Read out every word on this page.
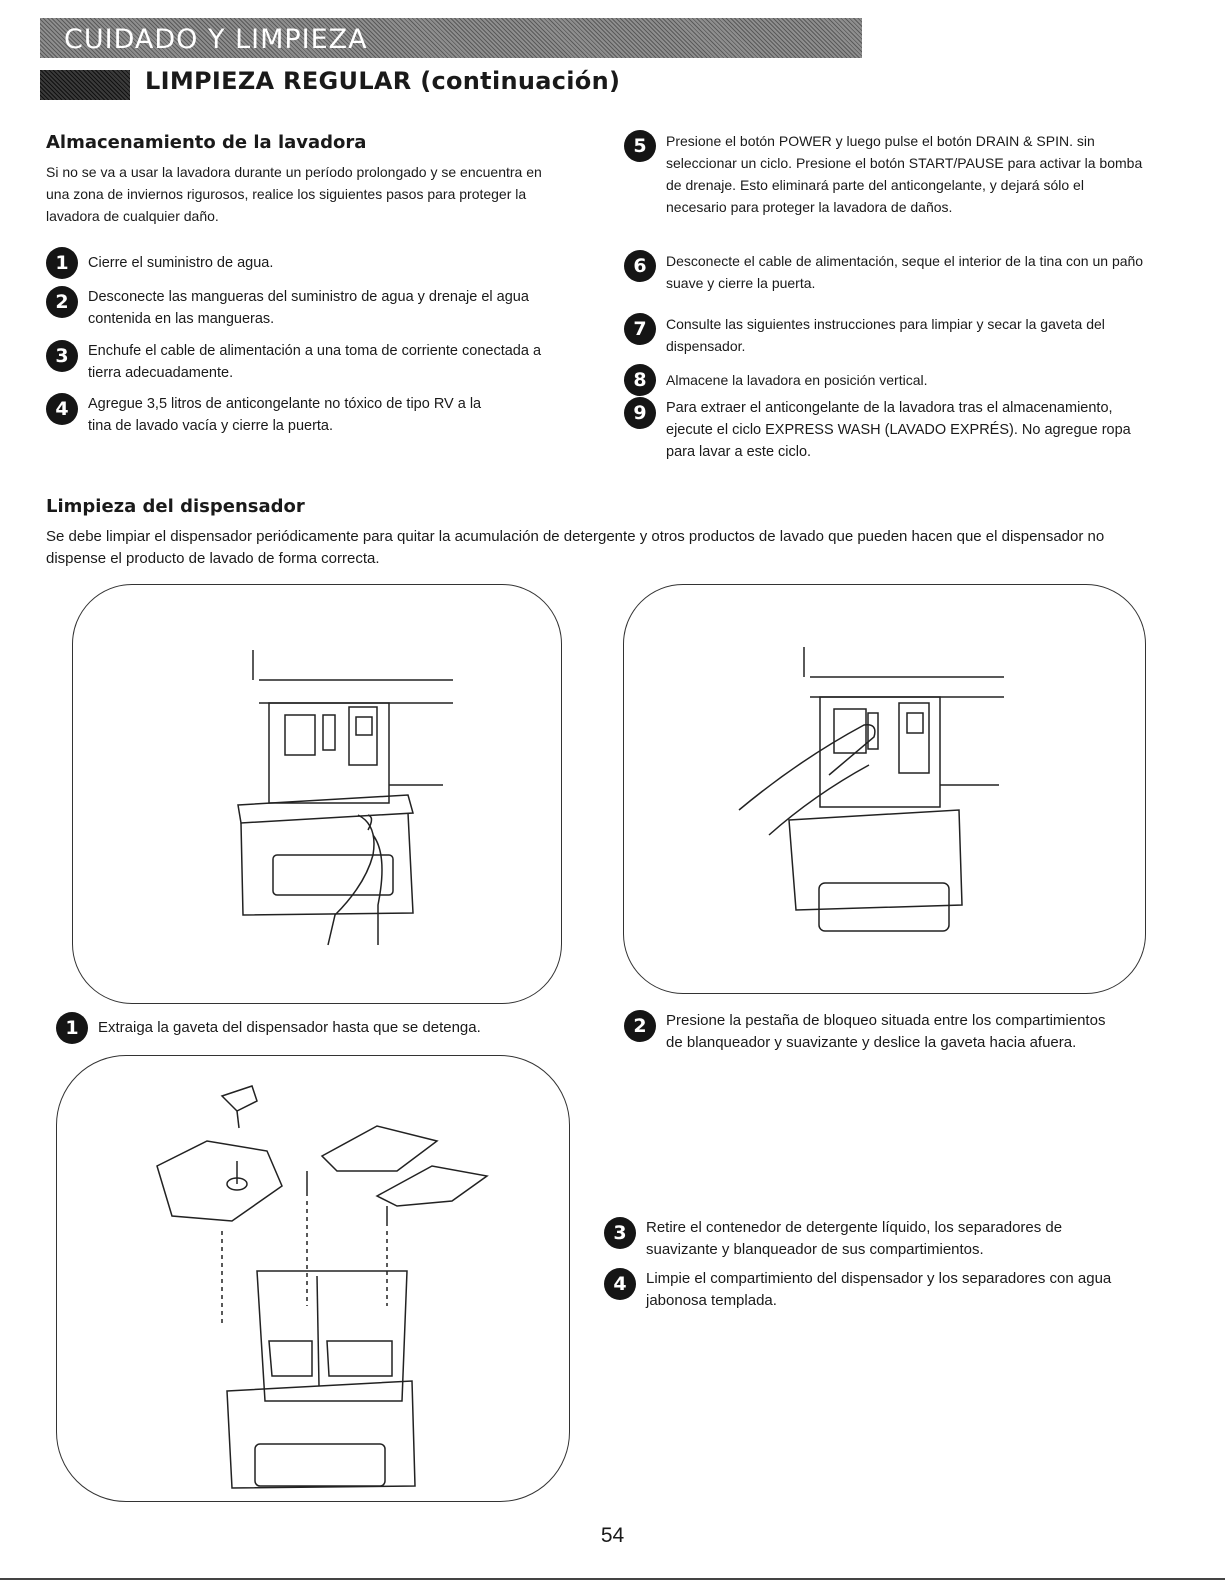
CUIDADO Y LIMPIEZA
LIMPIEZA REGULAR (continuación)
Almacenamiento de la lavadora
Si no se va a usar la lavadora durante un período prolongado y se encuentra en una zona de inviernos rigurosos, realice los siguientes pasos para proteger la lavadora de cualquier daño.
1	Cierre el suministro de agua.
2	Desconecte las mangueras del suministro de agua y drenaje el agua contenida en las mangueras.
3	Enchufe el cable de alimentación a una toma de corriente conectada a tierra adecuadamente.
4	Agregue 3,5 litros de anticongelante no tóxico de tipo RV a la tina de lavado vacía y cierre la puerta.
5	Presione el botón POWER y luego pulse el botón DRAIN & SPIN. sin seleccionar un ciclo. Presione el botón START/PAUSE para activar la bomba de drenaje. Esto eliminará parte del anticongelante, y dejará sólo el necesario para proteger la lavadora de daños.
6	Desconecte el cable de alimentación, seque el interior de la tina con un paño suave y cierre la puerta.
7	Consulte las siguientes instrucciones para limpiar y secar la gaveta del dispensador.
8	Almacene la lavadora en posición vertical.
9	Para extraer el anticongelante de la lavadora tras el almacenamiento, ejecute el ciclo EXPRESS WASH (LAVADO EXPRÉS). No agregue ropa para lavar a este ciclo.
Limpieza del dispensador
Se debe limpiar el dispensador periódicamente para quitar la acumulación de detergente y otros productos de lavado que pueden hacen que el dispensador no dispense el producto de lavado de forma correcta.
1	Extraiga la gaveta del dispensador hasta que se detenga.	2	Presione la pestaña de bloqueo situada entre los compartimientos de blanqueador y suavizante y deslice la gaveta hacia afuera.
3	Retire el contenedor de detergente líquido, los separadores de suavizante y blanqueador de sus compartimientos.
4	Limpie el compartimiento del dispensador y los separadores con agua jabonosa templada.
54
